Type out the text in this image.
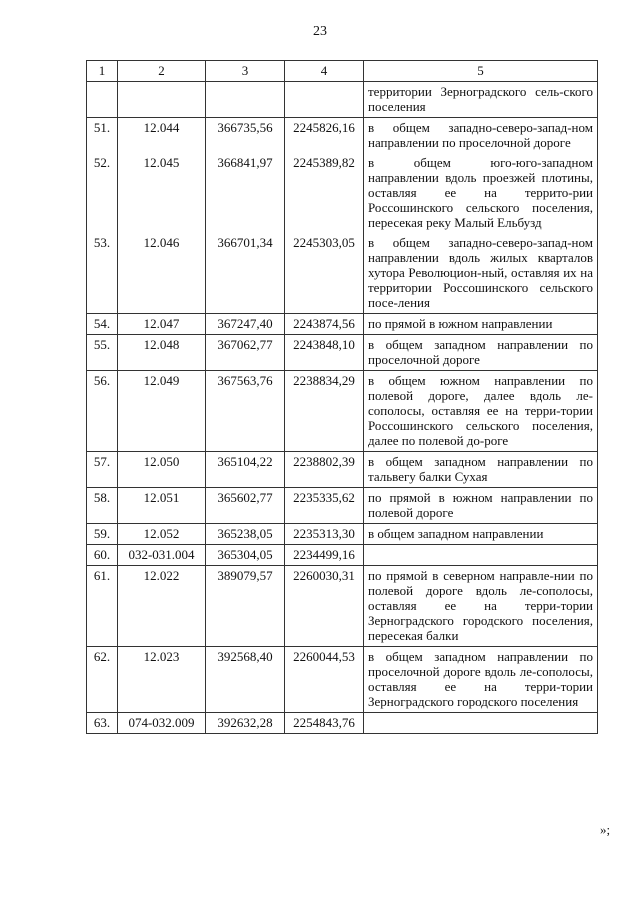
23
1	2	3	4	5
				территории Зерноградского сель-ского поселения
51.	12.044	366735,56	2245826,16	в общем западно-северо-запад-ном направлении по проселочной дороге
52.	12.045	366841,97	2245389,82	в общем юго-юго-западном направлении вдоль проезжей плотины, оставляя ее на террито-рии Россошинского сельского поселения, пересекая реку Малый Ельбузд
53.	12.046	366701,34	2245303,05	в общем западно-северо-запад-ном направлении вдоль жилых кварталов хутора Революцион-ный, оставляя их на территории Россошинского сельского посе-ления
54.	12.047	367247,40	2243874,56	по прямой в южном направлении
55.	12.048	367062,77	2243848,10	в общем западном направлении по проселочной дороге
56.	12.049	367563,76	2238834,29	в общем южном направлении по полевой дороге, далее вдоль ле-сополосы, оставляя ее на терри-тории Россошинского сельского поселения, далее по полевой до-роге
57.	12.050	365104,22	2238802,39	в общем западном направлении по тальвегу балки Сухая
58.	12.051	365602,77	2235335,62	по прямой в южном направлении по полевой дороге
59.	12.052	365238,05	2235313,30	в общем западном направлении
60.	032-031.004	365304,05	2234499,16	
61.	12.022	389079,57	2260030,31	по прямой в северном направле-нии по полевой дороге вдоль ле-сополосы, оставляя ее на терри-тории Зерноградского городского поселения, пересекая балки
62.	12.023	392568,40	2260044,53	в общем западном направлении по проселочной дороге вдоль ле-сополосы, оставляя ее на терри-тории Зерноградского городского поселения
63.	074-032.009	392632,28	2254843,76	
»;
